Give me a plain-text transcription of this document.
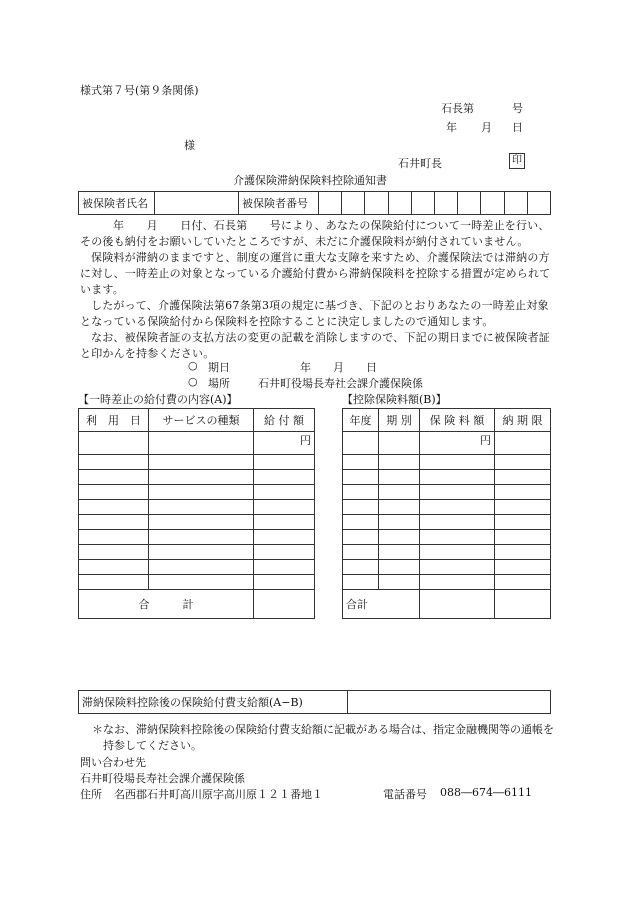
様式第７号(第９条関係)
石長第	号
年 月 日
様
石井町長	印
介護保険滞納保険料控除通知書
被保険者氏名		被保険者番号										

年　　月　　日付、石長第　　号により、あなたの保険給付について一時差止を行い、その後も納付をお願いしていたところですが、未だに介護保険料が納付されていません。

保険料が滞納のままですと、制度の運営に重大な支障を来すため、介護保険法では滞納の方に対し、一時差止の対象となっている介護給付費から滞納保険料を控除する措置が定められています。

したがって、介護保険法第67条第3項の規定に基づき、下記のとおりあなたの一時差止対象となっている保険給付から保険料を控除することに決定しましたので通知します。

なお、被保険者証の支払方法の変更の記載を消除しますので、下記の期日までに被保険者証と印かんを持参ください。

○ 期日	年　　月　　日
○ 場所	石井町役場長寿社会課介護保険係
【一時差止の給付費の内容(A)】	【控除保険料額(B)】
利　用　日	サービスの種類	給 付 額
		円

合　　　計		
年度	期 別	保 険 料 額	納 期 限
		円	

合計			
滞納保険料控除後の保険給付費支給額(A−B)	
＊なお、滞納保険料控除後の保険給付費支給額に記載がある場合は、指定金融機関等の通帳を持参してください。
問い合わせ先
石井町役場長寿社会課介護保険係
住所 名西郡石井町高川原字高川原１２１番地１	電話番号 088―674―6111
